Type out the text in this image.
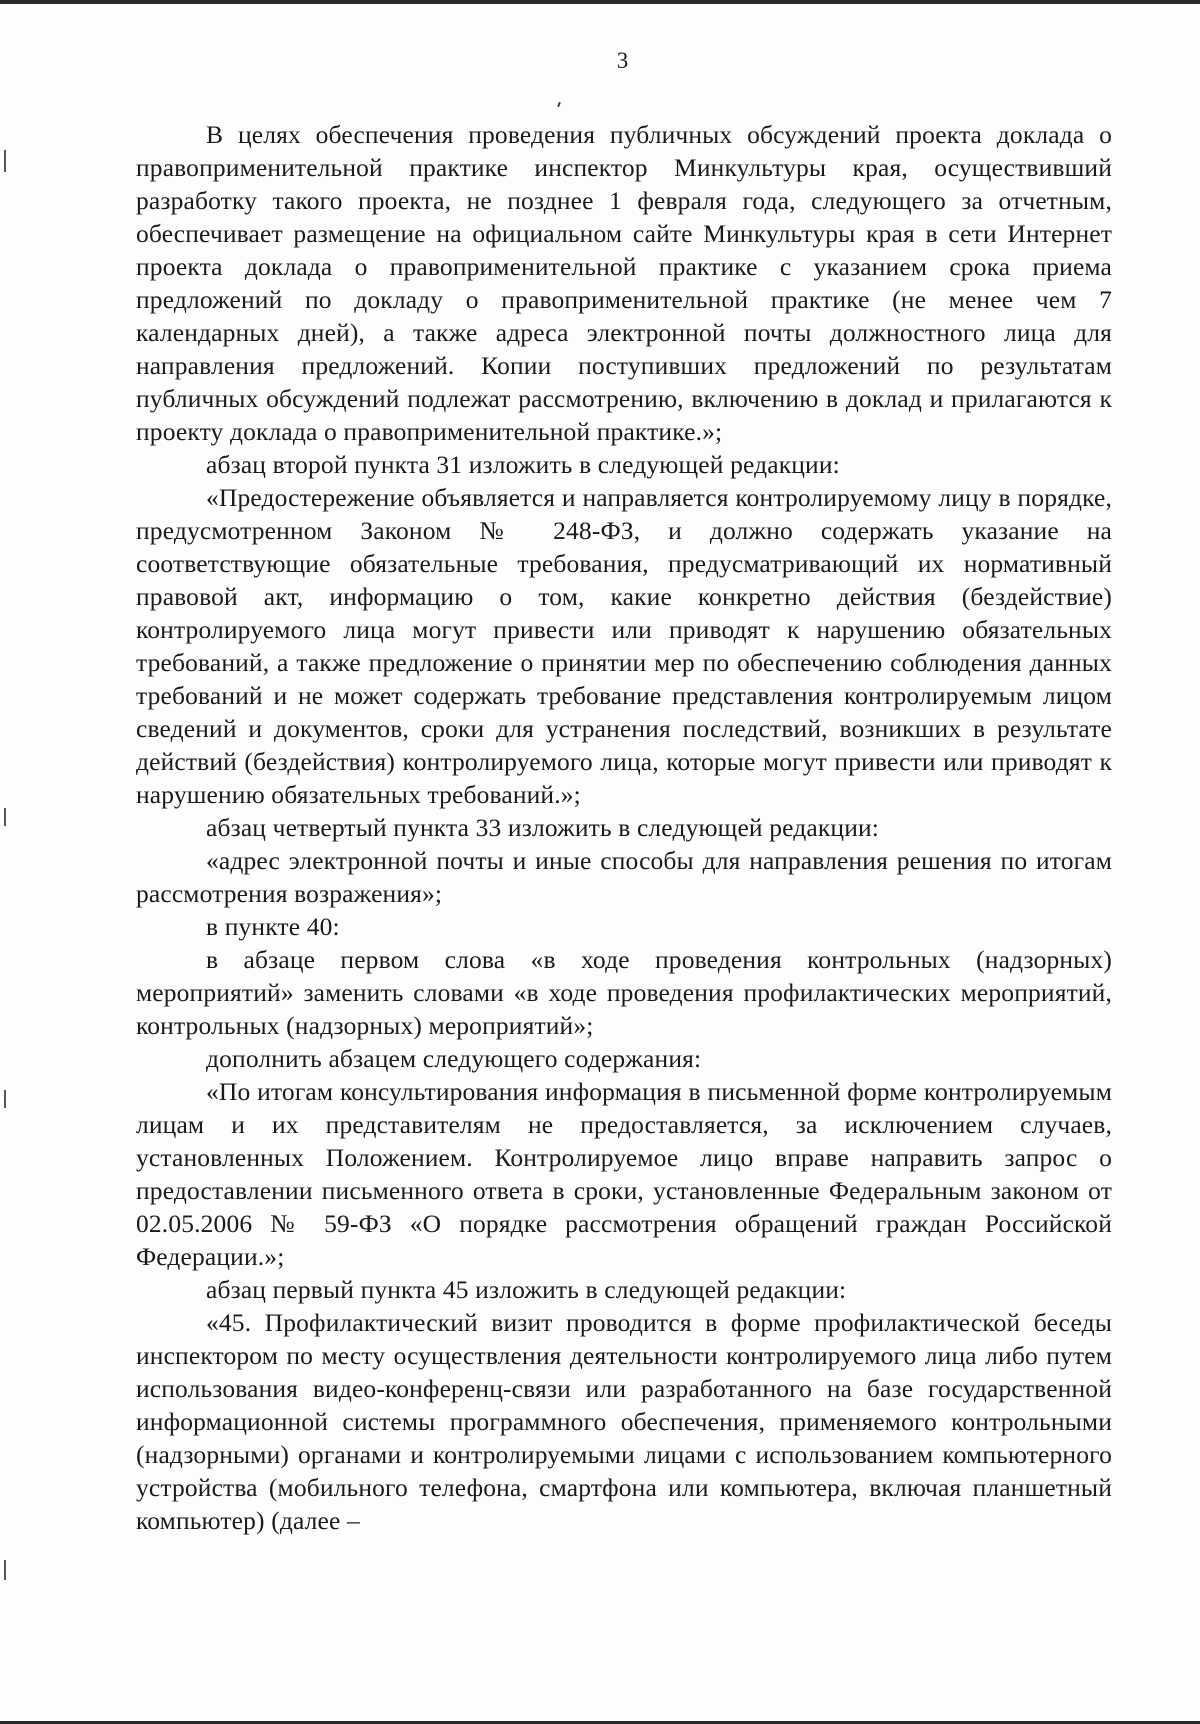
3

В целях обеспечения проведения публичных обсуждений проекта доклада о правоприменительной практике инспектор Минкультуры края, осуществивший разработку такого проекта, не позднее 1 февраля года, следующего за отчетным, обеспечивает размещение на официальном сайте Минкультуры края в сети Интернет проекта доклада о правоприменительной практике с указанием срока приема предложений по докладу о правоприменительной практике (не менее чем 7 календарных дней), а также адреса электронной почты должностного лица для направления предложений. Копии поступивших предложений по результатам публичных обсуждений подлежат рассмотрению, включению в доклад и прилагаются к проекту доклада о правоприменительной практике.»;

абзац второй пункта 31 изложить в следующей редакции:

«Предостережение объявляется и направляется контролируемому лицу в порядке, предусмотренном Законом № 248-ФЗ, и должно содержать указание на соответствующие обязательные требования, предусматривающий их нормативный правовой акт, информацию о том, какие конкретно действия (бездействие) контролируемого лица могут привести или приводят к нарушению обязательных требований, а также предложение о принятии мер по обеспечению соблюдения данных требований и не может содержать требование представления контролируемым лицом сведений и документов, сроки для устранения последствий, возникших в результате действий (бездействия) контролируемого лица, которые могут привести или приводят к нарушению обязательных требований.»;

абзац четвертый пункта 33 изложить в следующей редакции:

«адрес электронной почты и иные способы для направления решения по итогам рассмотрения возражения»;

в пункте 40:

в абзаце первом слова «в ходе проведения контрольных (надзорных) мероприятий» заменить словами «в ходе проведения профилактических мероприятий, контрольных (надзорных) мероприятий»;

дополнить абзацем следующего содержания:

«По итогам консультирования информация в письменной форме контролируемым лицам и их представителям не предоставляется, за исключением случаев, установленных Положением. Контролируемое лицо вправе направить запрос о предоставлении письменного ответа в сроки, установленные Федеральным законом от 02.05.2006 № 59-ФЗ «О порядке рассмотрения обращений граждан Российской Федерации.»;

абзац первый пункта 45 изложить в следующей редакции:

«45. Профилактический визит проводится в форме профилактической беседы инспектором по месту осуществления деятельности контролируемого лица либо путем использования видео-конференц-связи или разработанного на базе государственной информационной системы программного обеспечения, применяемого контрольными (надзорными) органами и контролируемыми лицами с использованием компьютерного устройства (мобильного телефона, смартфона или компьютера, включая планшетный компьютер) (далее –
